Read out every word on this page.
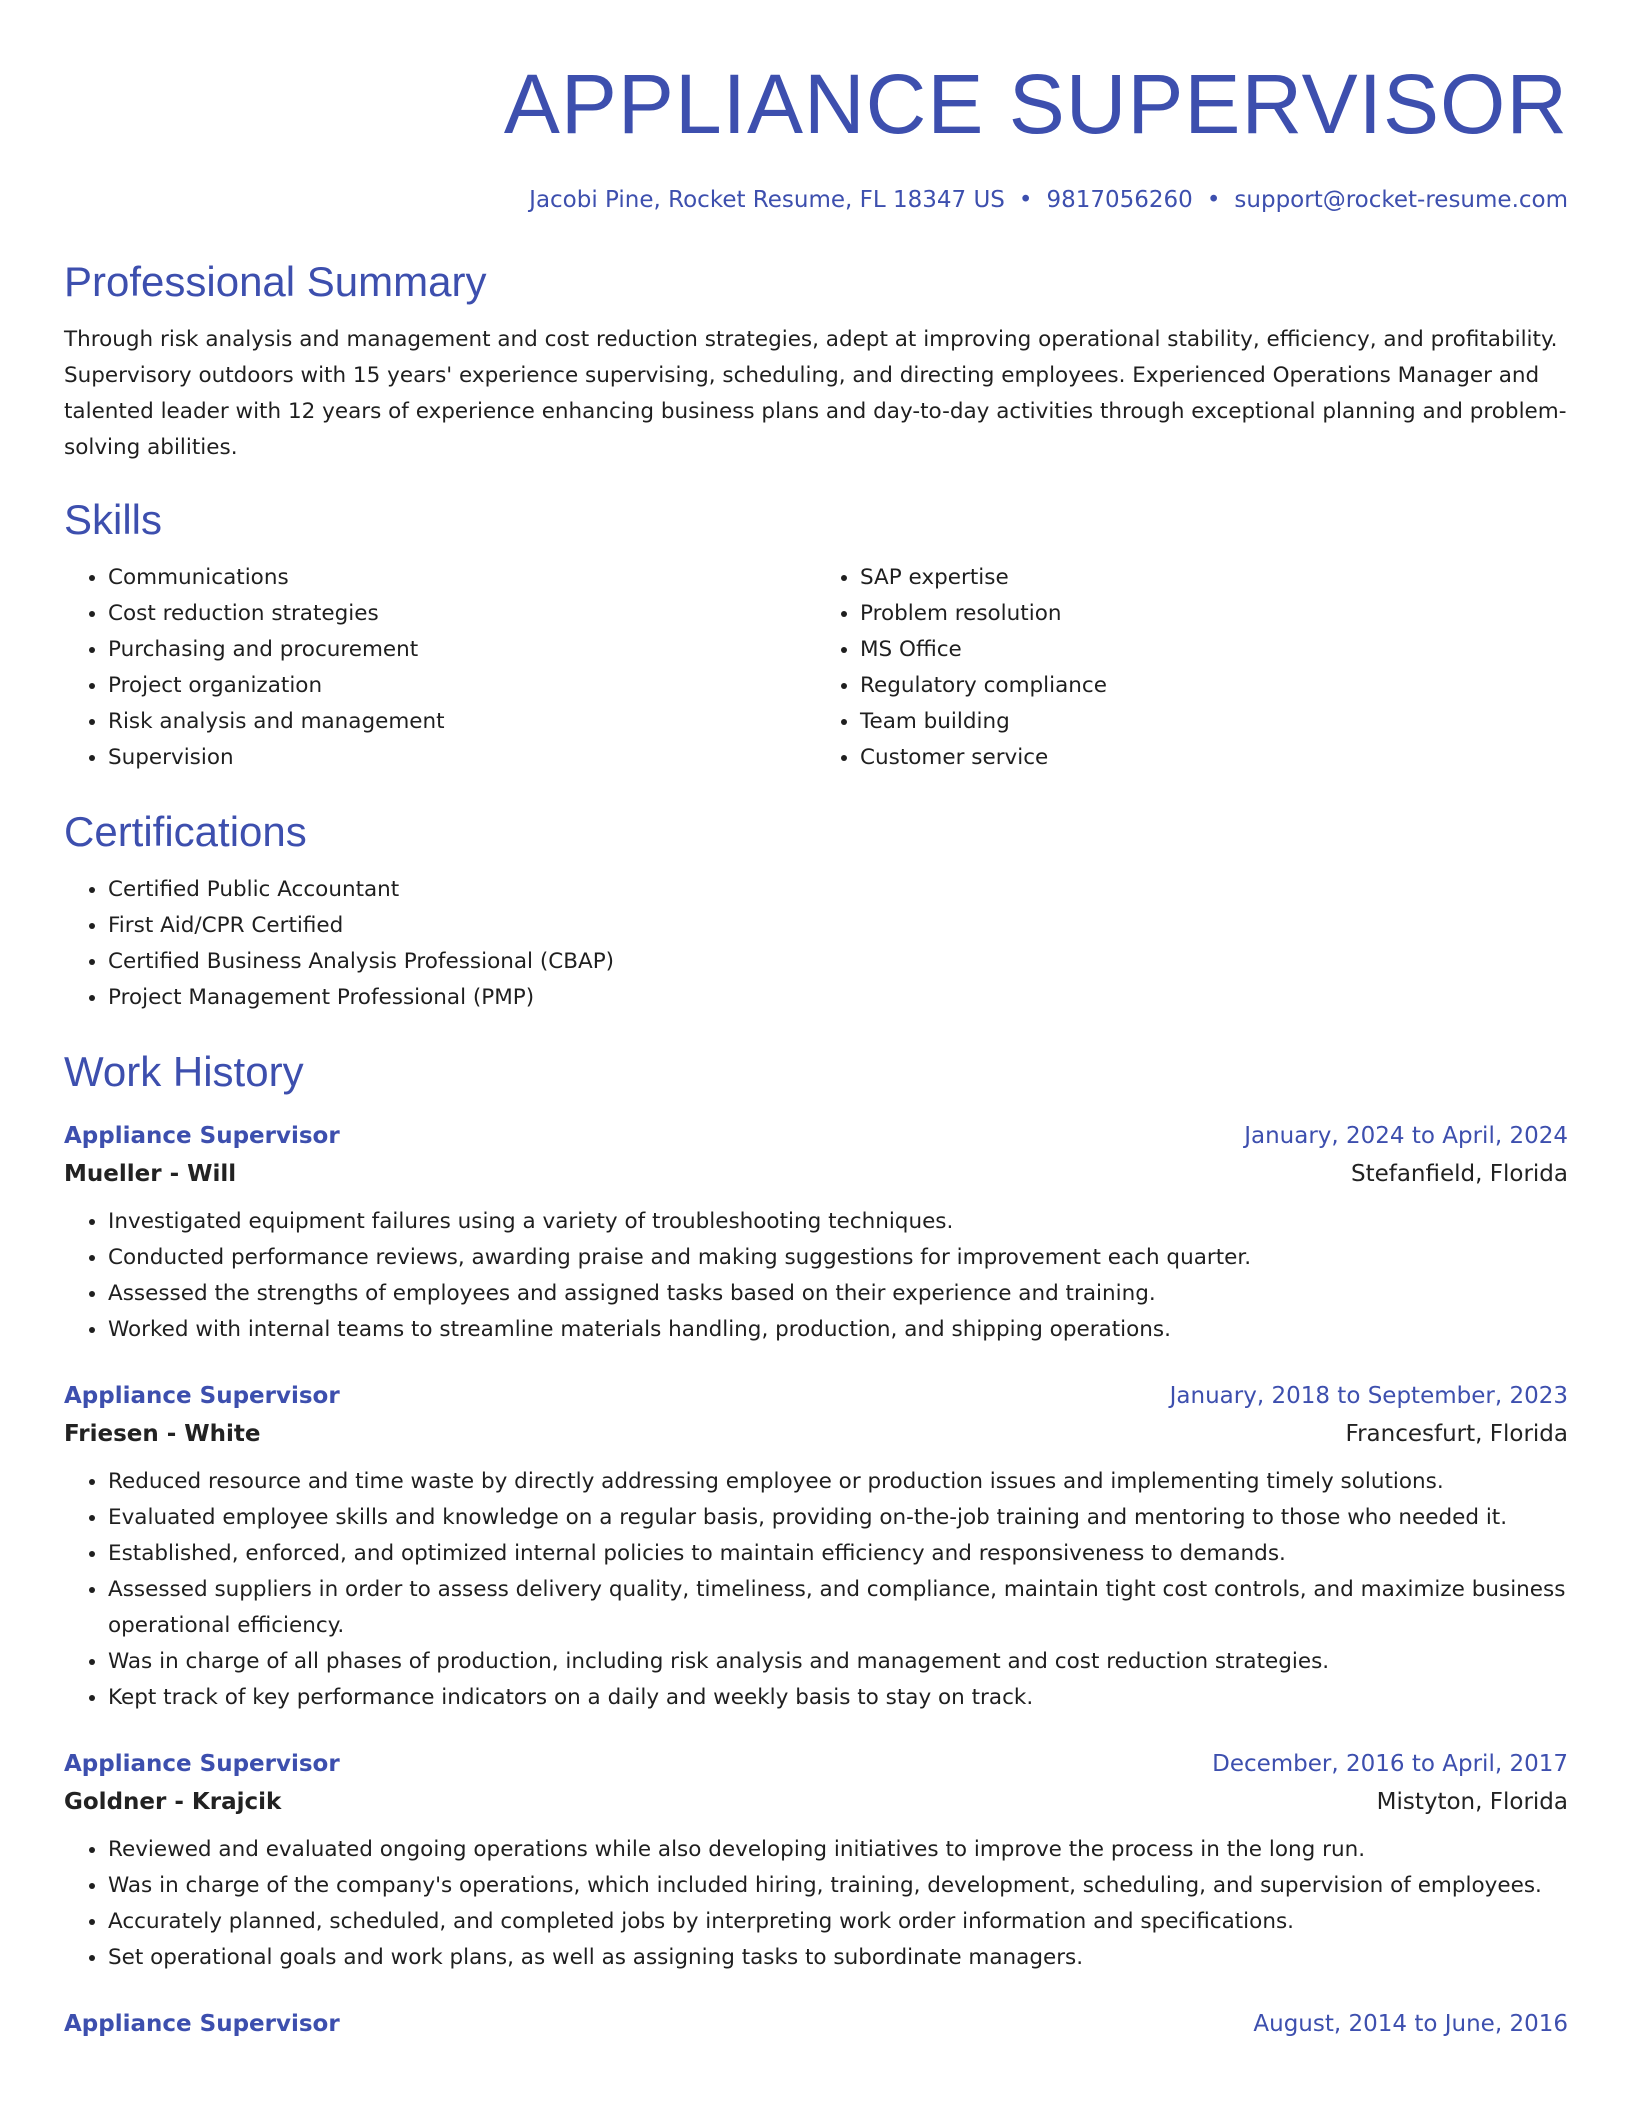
APPLIANCE SUPERVISOR
Jacobi Pine, Rocket Resume, FL 18347 US • 9817056260 • support@rocket-resume.com
Professional Summary

Through risk analysis and management and cost reduction strategies, adept at improving operational stability, efficiency, and profitability. Supervisory outdoors with 15 years' experience supervising, scheduling, and directing employees. Experienced Operations Manager and talented leader with 12 years of experience enhancing business plans and day-to-day activities through exceptional planning and problem-solving abilities.

Skills
• Communications
• Cost reduction strategies
• Purchasing and procurement
• Project organization
• Risk analysis and management
• Supervision
• SAP expertise
• Problem resolution
• MS Office
• Regulatory compliance
• Team building
• Customer service
Certifications
• Certified Public Accountant
• First Aid/CPR Certified
• Certified Business Analysis Professional (CBAP)
• Project Management Professional (PMP)
Work History
Appliance Supervisor	January, 2024 to April, 2024
Mueller - Will	Stefanfield, Florida
• Investigated equipment failures using a variety of troubleshooting techniques.
• Conducted performance reviews, awarding praise and making suggestions for improvement each quarter.
• Assessed the strengths of employees and assigned tasks based on their experience and training.
• Worked with internal teams to streamline materials handling, production, and shipping operations.
Appliance Supervisor	January, 2018 to September, 2023
Friesen - White	Francesfurt, Florida
• Reduced resource and time waste by directly addressing employee or production issues and implementing timely solutions.
• Evaluated employee skills and knowledge on a regular basis, providing on-the-job training and mentoring to those who needed it.
• Established, enforced, and optimized internal policies to maintain efficiency and responsiveness to demands.
• Assessed suppliers in order to assess delivery quality, timeliness, and compliance, maintain tight cost controls, and maximize business operational efficiency.
• Was in charge of all phases of production, including risk analysis and management and cost reduction strategies.
• Kept track of key performance indicators on a daily and weekly basis to stay on track.
Appliance Supervisor	December, 2016 to April, 2017
Goldner - Krajcik	Mistyton, Florida
• Reviewed and evaluated ongoing operations while also developing initiatives to improve the process in the long run.
• Was in charge of the company's operations, which included hiring, training, development, scheduling, and supervision of employees.
• Accurately planned, scheduled, and completed jobs by interpreting work order information and specifications.
• Set operational goals and work plans, as well as assigning tasks to subordinate managers.
Appliance Supervisor	August, 2014 to June, 2016
